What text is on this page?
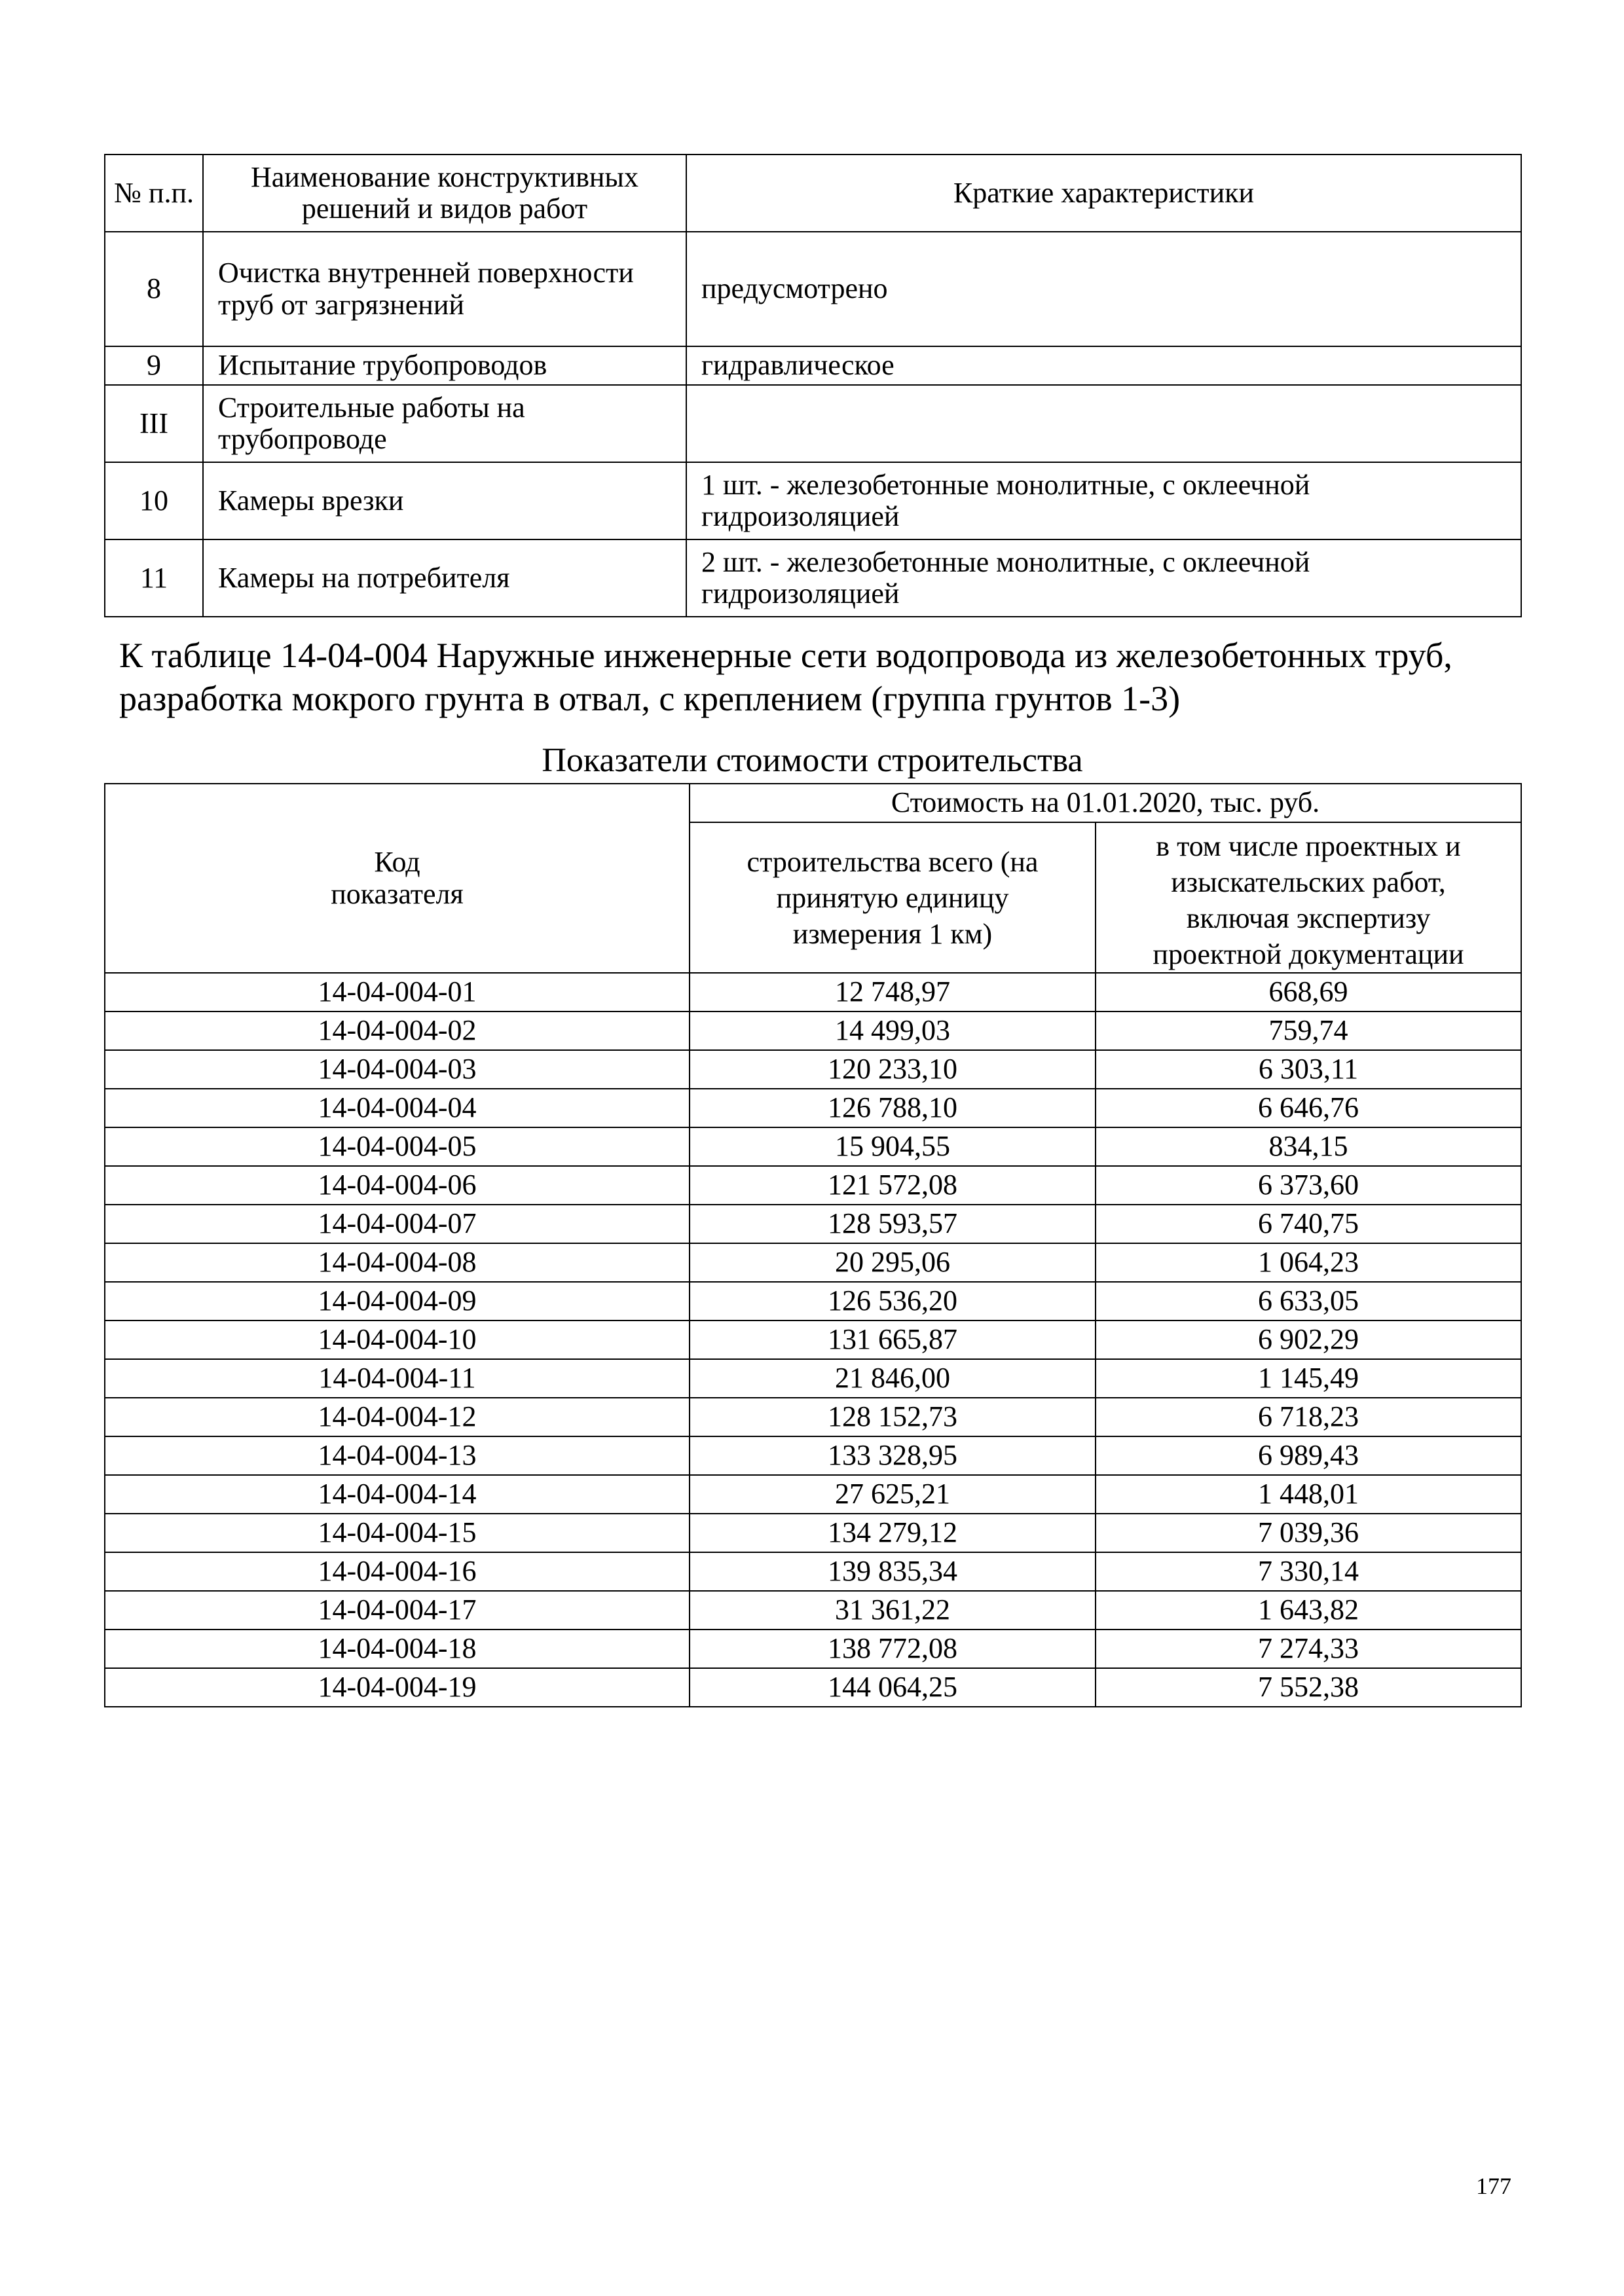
№ п.п.	Наименование конструктивных решений и видов работ	Краткие характеристики
8	Очистка внутренней поверхности труб от загрязнений	предусмотрено
9	Испытание трубопроводов	гидравлическое
III	Строительные работы на трубопроводе	
10	Камеры врезки	1 шт. - железобетонные монолитные, с оклеечной гидроизоляцией
11	Камеры на потребителя	2 шт. - железобетонные монолитные, с оклеечной гидроизоляцией

К таблице 14-04-004 Наружные инженерные сети водопровода из железобетонных труб, разработка мокрого грунта в отвал, с креплением (группа грунтов 1-3)

Показатели стоимости строительства

Код показателя	Стоимость на 01.01.2020, тыс. руб.	
	строительства всего (на принятую единицу измерения 1 км)	в том числе проектных и изыскательских работ, включая экспертизу проектной документации
14-04-004-01	12 748,97	668,69
14-04-004-02	14 499,03	759,74
14-04-004-03	120 233,10	6 303,11
14-04-004-04	126 788,10	6 646,76
14-04-004-05	15 904,55	834,15
14-04-004-06	121 572,08	6 373,60
14-04-004-07	128 593,57	6 740,75
14-04-004-08	20 295,06	1 064,23
14-04-004-09	126 536,20	6 633,05
14-04-004-10	131 665,87	6 902,29
14-04-004-11	21 846,00	1 145,49
14-04-004-12	128 152,73	6 718,23
14-04-004-13	133 328,95	6 989,43
14-04-004-14	27 625,21	1 448,01
14-04-004-15	134 279,12	7 039,36
14-04-004-16	139 835,34	7 330,14
14-04-004-17	31 361,22	1 643,82
14-04-004-18	138 772,08	7 274,33
14-04-004-19	144 064,25	7 552,38
177
